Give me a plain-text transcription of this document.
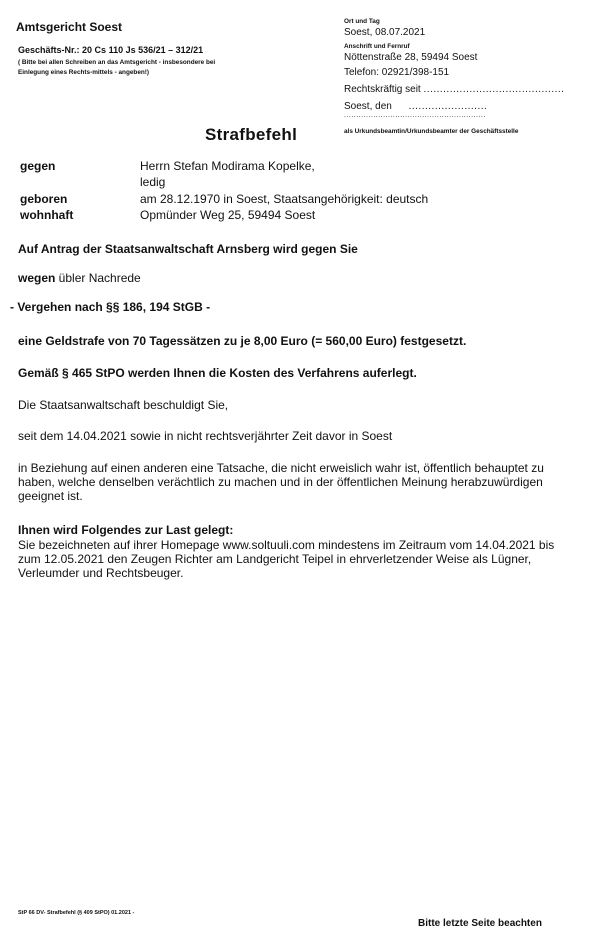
Amtsgericht Soest
Geschäfts-Nr.: 20 Cs 110 Js 536/21 – 312/21
( Bitte bei allen Schreiben an das Amtsgericht - insbesondere bei Einlegung eines Rechts-mittels - angeben!)
Ort und Tag
Soest, 08.07.2021
Anschrift und Fernruf
Nöttenstraße 28, 59494 Soest
Telefon: 02921/398-151
Rechtskräftig seit ...........................................
Soest, den ........................
..........................................................
als Urkundsbeamtin/Urkundsbeamter der Geschäftsstelle
Strafbefehl
gegen	Herrn Stefan Modirama Kopelke,
ledig
geboren	am 28.12.1970 in Soest, Staatsangehörigkeit: deutsch
wohnhaft	Opmünder Weg 25, 59494 Soest
Auf Antrag der Staatsanwaltschaft Arnsberg wird gegen Sie
wegen übler Nachrede
- Vergehen nach §§ 186, 194 StGB -
eine Geldstrafe von 70 Tagessätzen zu je 8,00 Euro (= 560,00 Euro) festgesetzt.
Gemäß § 465 StPO werden Ihnen die Kosten des Verfahrens auferlegt.
Die Staatsanwaltschaft beschuldigt Sie,
seit dem 14.04.2021 sowie in nicht rechtsverjährter Zeit davor in Soest
in Beziehung auf einen anderen eine Tatsache, die nicht erweislich wahr ist, öffentlich behauptet zu haben, welche denselben verächtlich zu machen und in der öffentlichen Meinung herabzuwürdigen geeignet ist.
Ihnen wird Folgendes zur Last gelegt:
Sie bezeichneten auf ihrer Homepage www.soltuuli.com mindestens im Zeitraum vom 14.04.2021 bis zum 12.05.2021 den Zeugen Richter am Landgericht Teipel in ehrverletzender Weise als Lügner, Verleumder und Rechtsbeuger.
StP 66 DV- Strafbefehl (§ 409 StPO) 01.2021 -
Bitte letzte Seite beachten
